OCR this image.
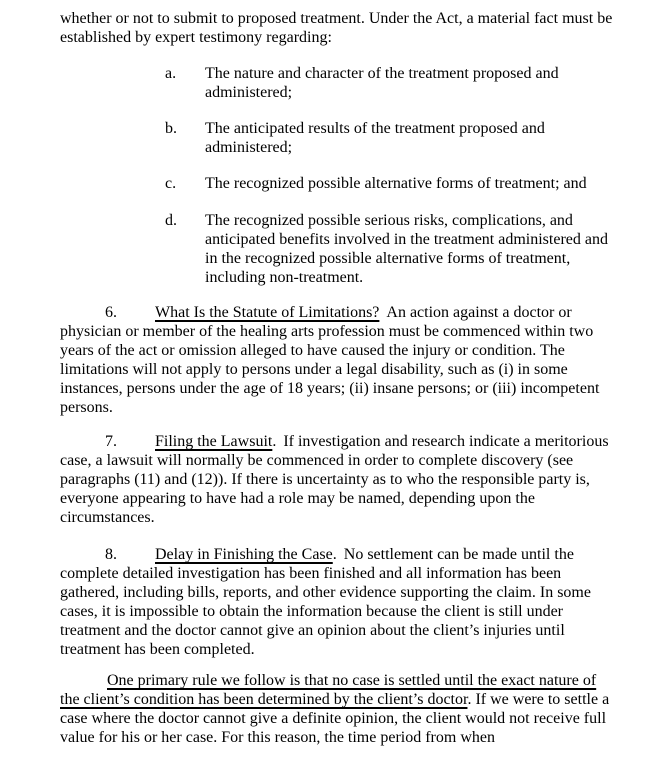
whether or not to submit to proposed treatment. Under the Act, a material fact must be established by expert testimony regarding:

a.	The nature and character of the treatment proposed and administered;
b.	The anticipated results of the treatment proposed and administered;
c.	The recognized possible alternative forms of treatment; and
d.	The recognized possible serious risks, complications, and anticipated benefits involved in the treatment administered and in the recognized possible alternative forms of treatment, including non-treatment.

6. What Is the Statute of Limitations? An action against a doctor or physician or member of the healing arts profession must be commenced within two years of the act or omission alleged to have caused the injury or condition. The limitations will not apply to persons under a legal disability, such as (i) in some instances, persons under the age of 18 years; (ii) insane persons; or (iii) incompetent persons.

7. Filing the Lawsuit. If investigation and research indicate a meritorious case, a lawsuit will normally be commenced in order to complete discovery (see paragraphs (11) and (12)). If there is uncertainty as to who the responsible party is, everyone appearing to have had a role may be named, depending upon the circumstances.

8. Delay in Finishing the Case. No settlement can be made until the complete detailed investigation has been finished and all information has been gathered, including bills, reports, and other evidence supporting the claim. In some cases, it is impossible to obtain the information because the client is still under treatment and the doctor cannot give an opinion about the client’s injuries until treatment has been completed.

One primary rule we follow is that no case is settled until the exact nature of the client’s condition has been determined by the client’s doctor. If we were to settle a case where the doctor cannot give a definite opinion, the client would not receive full value for his or her case. For this reason, the time period from when
